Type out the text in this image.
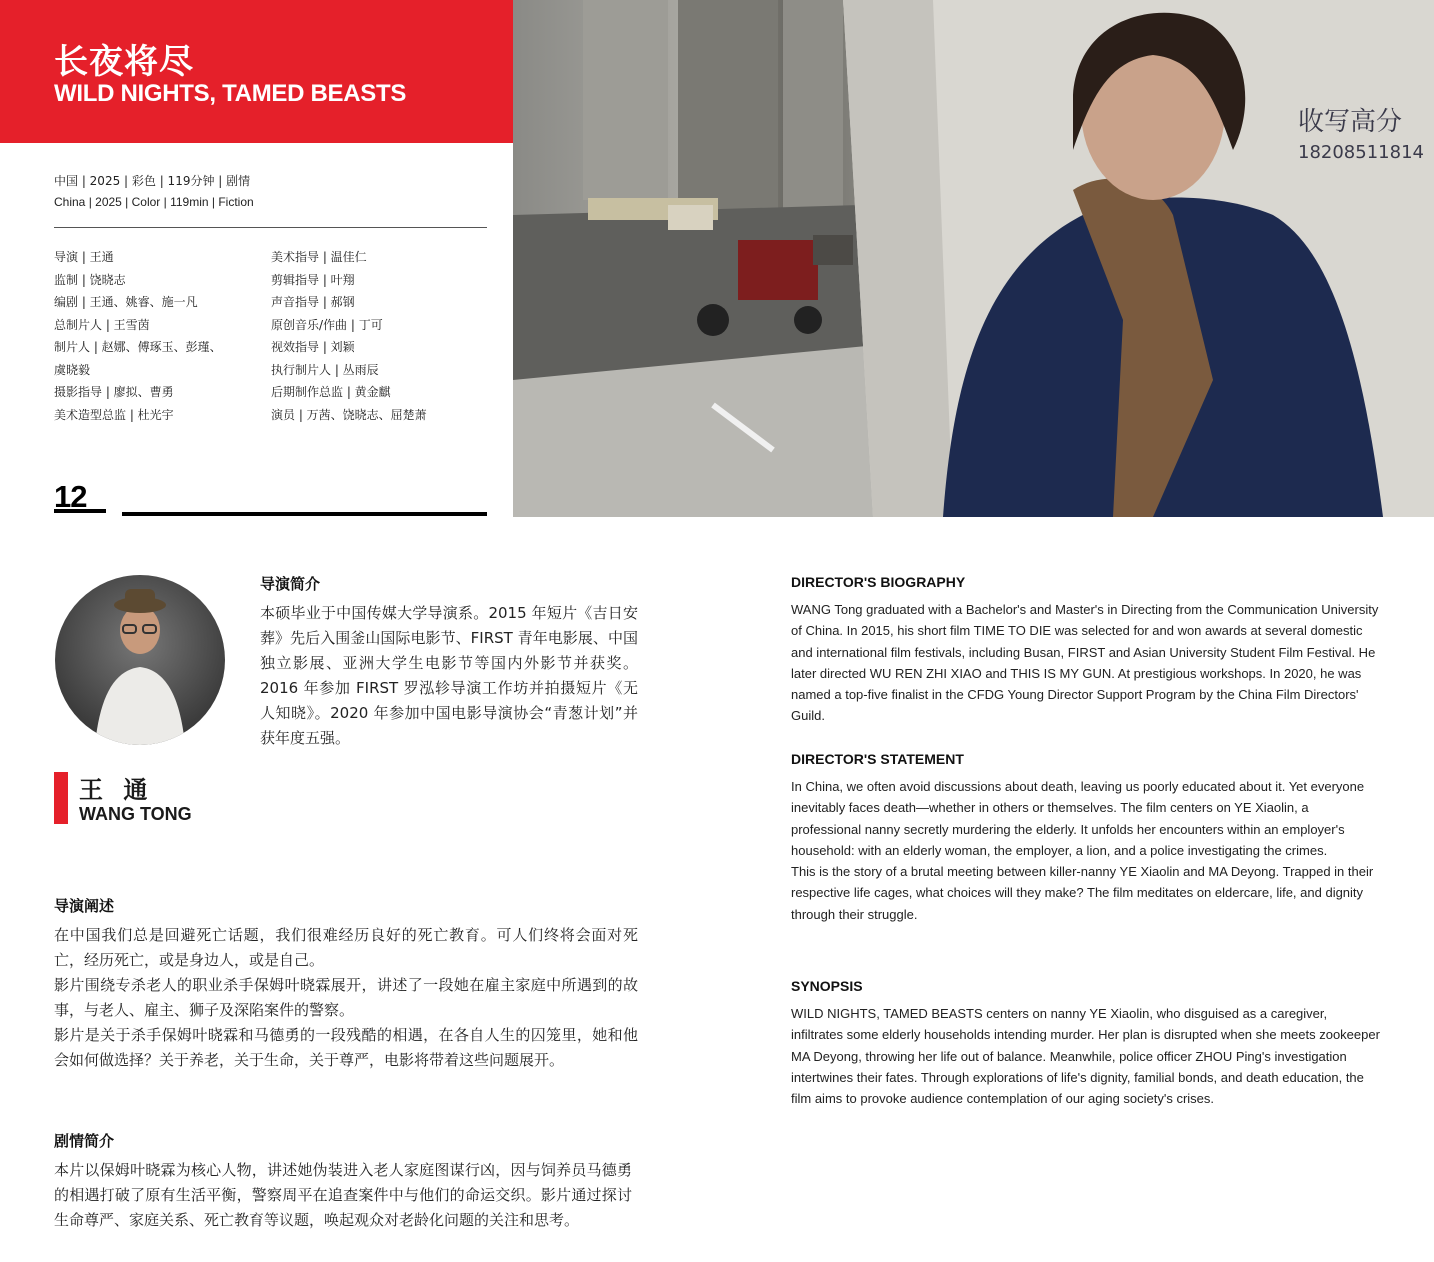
长夜将尽
WILD NIGHTS, TAMED BEASTS
中国 | 2025 | 彩色 | 119分钟 | 剧情
China | 2025 | Color | 119min | Fiction
导演 | 王通
监制 | 饶晓志
编剧 | 王通、姚睿、施一凡
总制片人 | 王雪茵
制片人 | 赵娜、傅琢玉、彭瑾、
虞晓毅
摄影指导 | 廖拟、曹勇
美术造型总监 | 杜光宇
美术指导 | 温佳仁
剪辑指导 | 叶翔
声音指导 | 郝钢
原创音乐/作曲 | 丁可
视效指导 | 刘颖
执行制片人 | 丛雨辰
后期制作总监 | 黄金麒
演员 | 万茜、饶晓志、屈楚萧
12
收写高分
18208511814
导演简介
本硕毕业于中国传媒大学导演系。2015 年短片《吉日安葬》先后入围釜山国际电影节、FIRST 青年电影展、中国独立影展、亚洲大学生电影节等国内外影节并获奖。2016 年参加 FIRST 罗泓轸导演工作坊并拍摄短片《无人知晓》。2020 年参加中国电影导演协会“青葱计划”并获年度五强。
王 通
WANG TONG
导演阐述
在中国我们总是回避死亡话题，我们很难经历良好的死亡教育。可人们终将会面对死亡，经历死亡，或是身边人，或是自己。
影片围绕专杀老人的职业杀手保姆叶晓霖展开，讲述了一段她在雇主家庭中所遇到的故事，与老人、雇主、狮子及深陷案件的警察。
影片是关于杀手保姆叶晓霖和马德勇的一段残酷的相遇，在各自人生的囚笼里，她和他会如何做选择？关于养老，关于生命，关于尊严，电影将带着这些问题展开。
剧情简介
本片以保姆叶晓霖为核心人物，讲述她伪装进入老人家庭图谋行凶，因与饲养员马德勇的相遇打破了原有生活平衡，警察周平在追查案件中与他们的命运交织。影片通过探讨生命尊严、家庭关系、死亡教育等议题，唤起观众对老龄化问题的关注和思考。
DIRECTOR'S BIOGRAPHY
WANG Tong graduated with a Bachelor's and Master's in Directing from the Communication University of China. In 2015, his short film TIME TO DIE was selected for and won awards at several domestic and international film festivals, including Busan, FIRST and Asian University Student Film Festival. He later directed WU REN ZHI XIAO and THIS IS MY GUN. At prestigious workshops. In 2020, he was named a top-five finalist in the CFDG Young Director Support Program by the China Film Directors' Guild.
DIRECTOR'S STATEMENT

In China, we often avoid discussions about death, leaving us poorly educated about it. Yet everyone inevitably faces death—whether in others or themselves. The film centers on YE Xiaolin, a professional nanny secretly murdering the elderly. It unfolds her encounters within an employer's household: with an elderly woman, the employer, a lion, and a police investigating the crimes.

This is the story of a brutal meeting between killer-nanny YE Xiaolin and MA Deyong. Trapped in their respective life cages, what choices will they make? The film meditates on eldercare, life, and dignity through their struggle.

SYNOPSIS
WILD NIGHTS, TAMED BEASTS centers on nanny YE Xiaolin, who disguised as a caregiver, infiltrates some elderly households intending murder. Her plan is disrupted when she meets zookeeper MA Deyong, throwing her life out of balance. Meanwhile, police officer ZHOU Ping's investigation intertwines their fates. Through explorations of life's dignity, familial bonds, and death education, the film aims to provoke audience contemplation of our aging society's crises.
